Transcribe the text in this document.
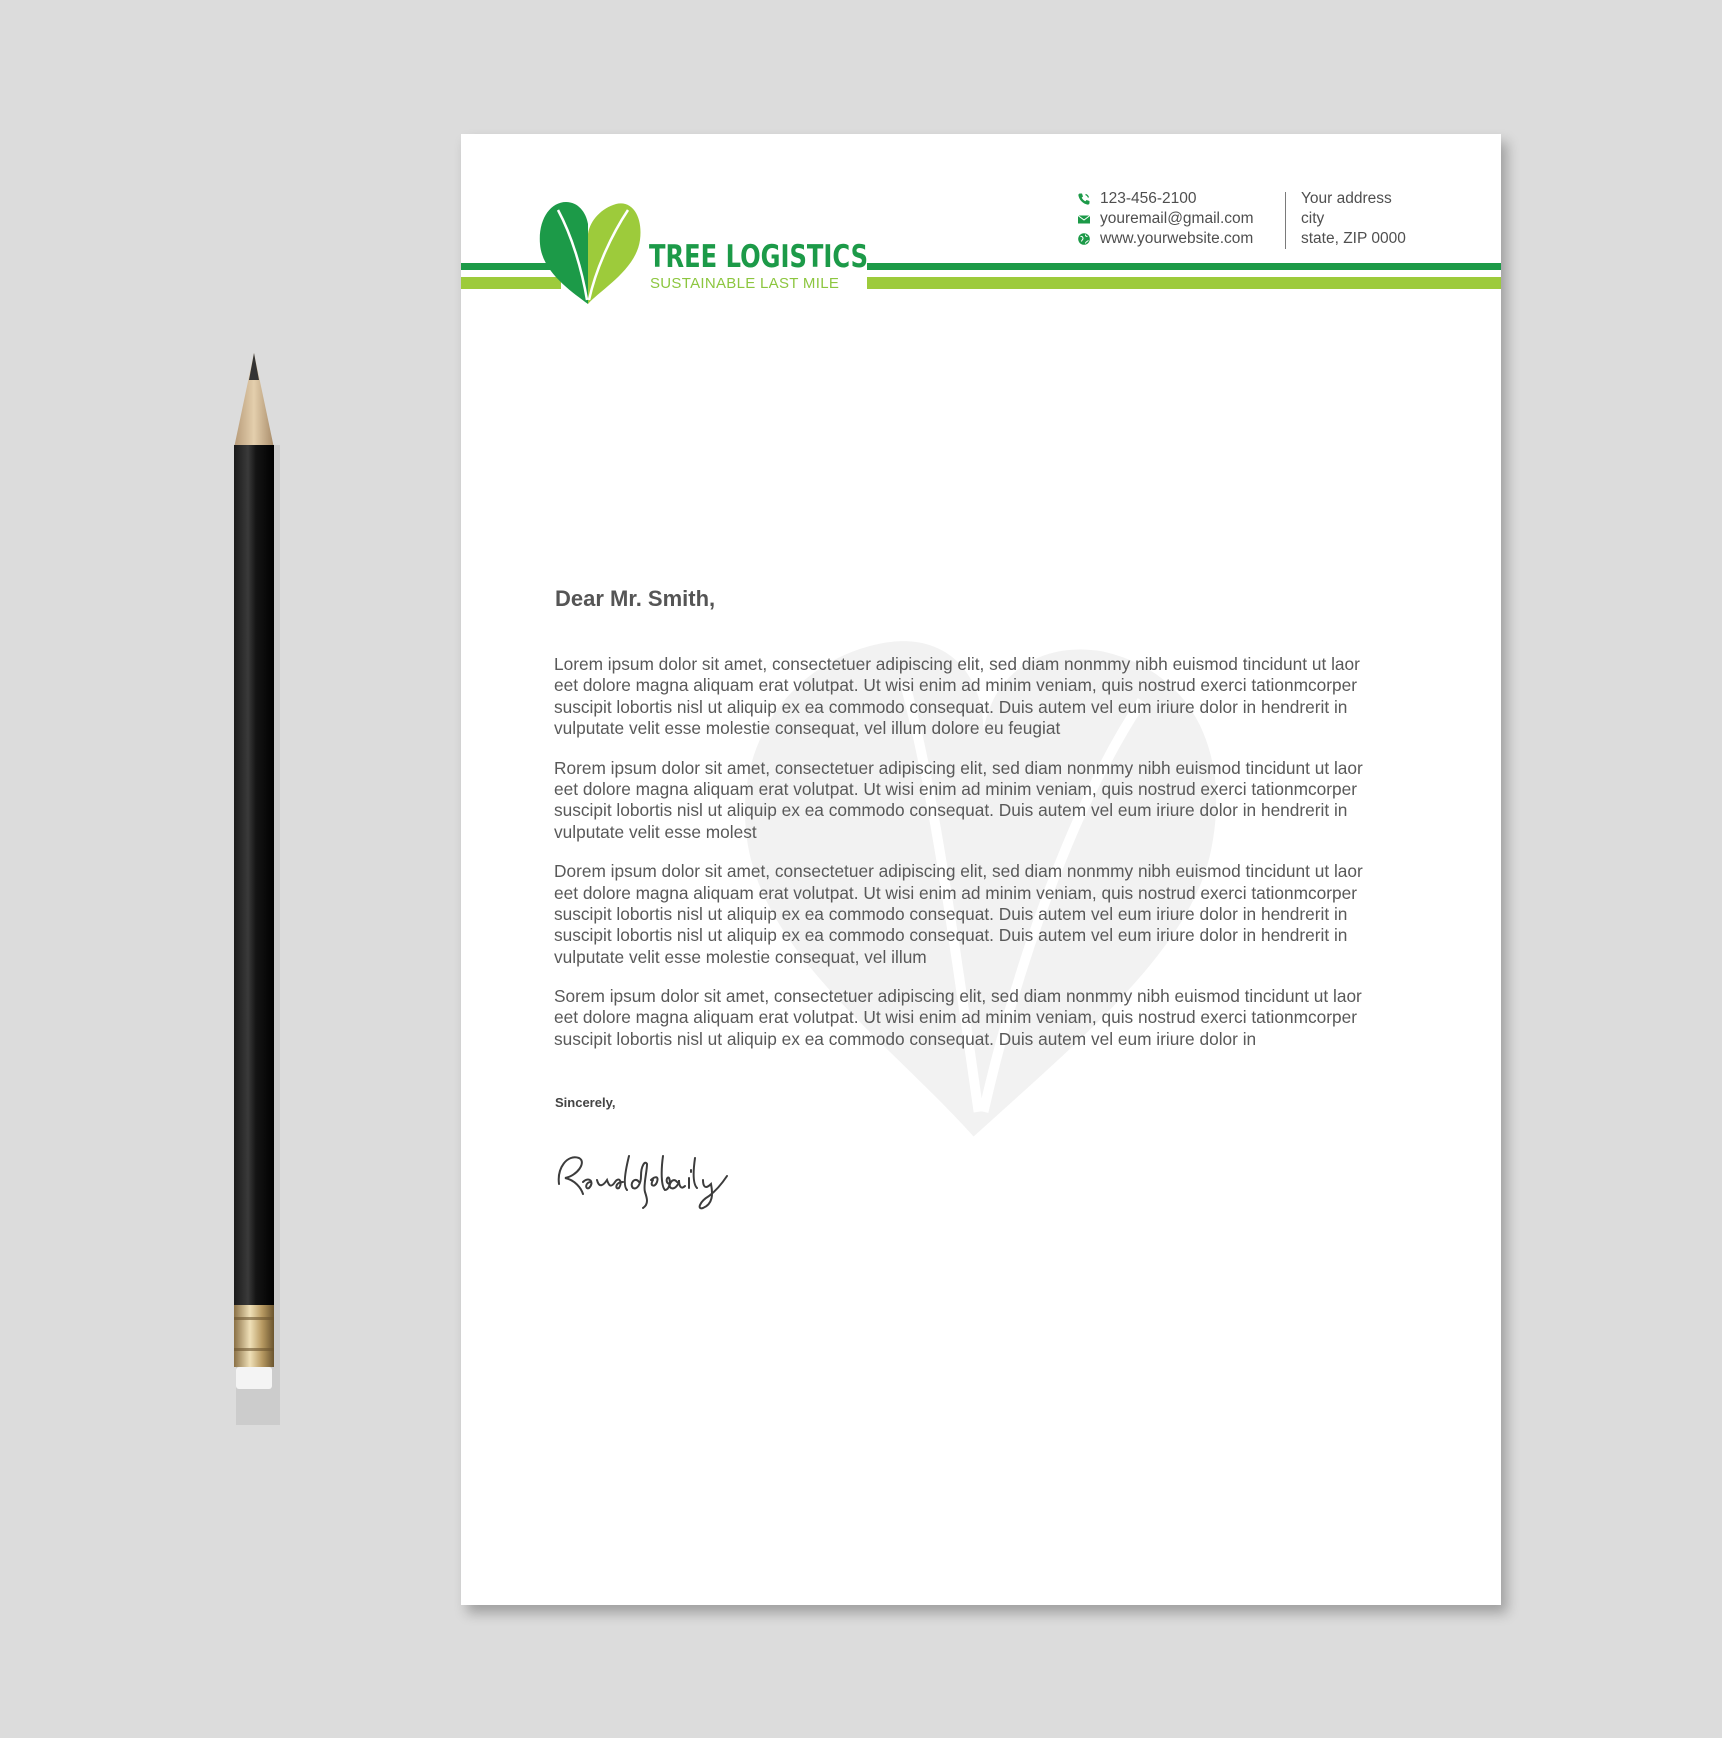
TREE LOGISTICS
SUSTAINABLE LAST MILE
123-456-2100
youremail@gmail.com
www.yourwebsite.com
Your address
city
state, ZIP 0000
Dear Mr. Smith,
Lorem ipsum dolor sit amet, consectetuer adipiscing elit, sed diam nonmmy nibh euismod tincidunt ut laor
eet dolore magna aliquam erat volutpat. Ut wisi enim ad minim veniam, quis nostrud exerci tationmcorper
suscipit lobortis nisl ut aliquip ex ea commodo consequat. Duis autem vel eum iriure dolor in hendrerit in
vulputate velit esse molestie consequat, vel illum dolore eu feugiat
Rorem ipsum dolor sit amet, consectetuer adipiscing elit, sed diam nonmmy nibh euismod tincidunt ut laor
eet dolore magna aliquam erat volutpat. Ut wisi enim ad minim veniam, quis nostrud exerci tationmcorper
suscipit lobortis nisl ut aliquip ex ea commodo consequat. Duis autem vel eum iriure dolor in hendrerit in
vulputate velit esse molest
Dorem ipsum dolor sit amet, consectetuer adipiscing elit, sed diam nonmmy nibh euismod tincidunt ut laor
eet dolore magna aliquam erat volutpat. Ut wisi enim ad minim veniam, quis nostrud exerci tationmcorper
suscipit lobortis nisl ut aliquip ex ea commodo consequat. Duis autem vel eum iriure dolor in hendrerit in
suscipit lobortis nisl ut aliquip ex ea commodo consequat. Duis autem vel eum iriure dolor in hendrerit in
vulputate velit esse molestie consequat, vel illum
Sorem ipsum dolor sit amet, consectetuer adipiscing elit, sed diam nonmmy nibh euismod tincidunt ut laor
eet dolore magna aliquam erat volutpat. Ut wisi enim ad minim veniam, quis nostrud exerci tationmcorper
suscipit lobortis nisl ut aliquip ex ea commodo consequat. Duis autem vel eum iriure dolor in
Sincerely,
